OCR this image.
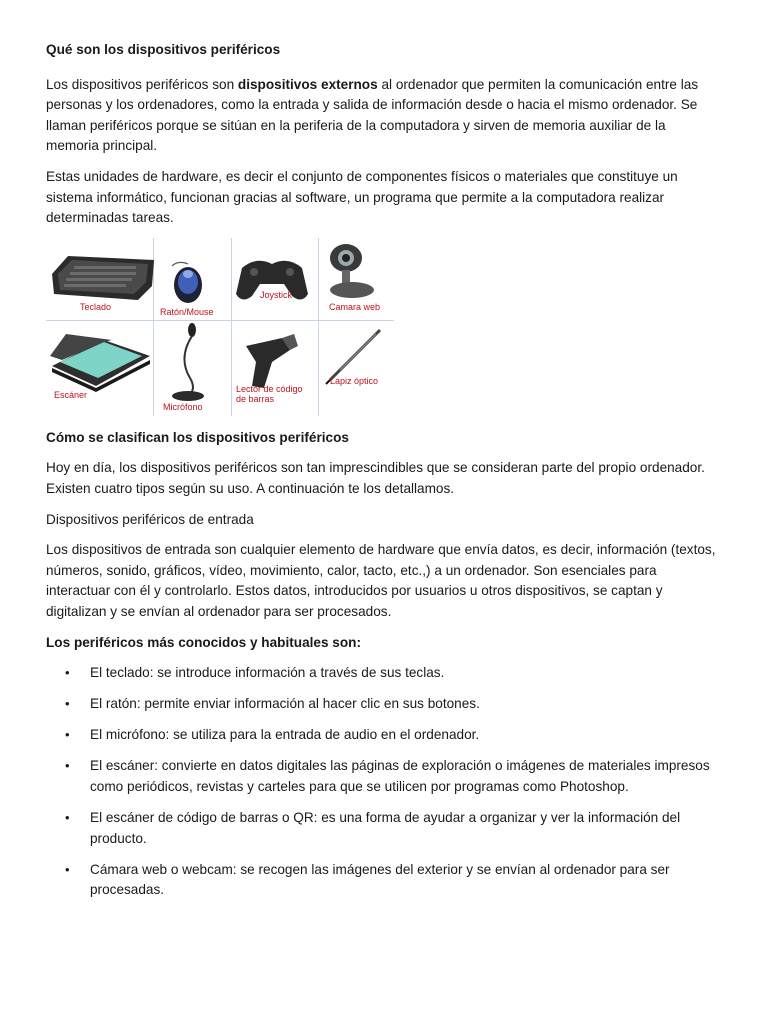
Qué son los dispositivos periféricos

Los dispositivos periféricos son dispositivos externos al ordenador que permiten la comunicación entre las personas y los ordenadores, como la entrada y salida de información desde o hacia el mismo ordenador. Se llaman periféricos porque se sitúan en la periferia de la computadora y sirven de memoria auxiliar de la memoria principal.

Estas unidades de hardware, es decir el conjunto de componentes físicos o materiales que constituye un sistema informático, funcionan gracias al software, un programa que permite a la computadora realizar determinadas tareas.

Teclado	Ratón/Mouse
Joystick
Camara web
Escáner
Micrófono
Lector de código
de barras
Lapiz óptico

Cómo se clasifican los dispositivos periféricos

Hoy en día, los dispositivos periféricos son tan imprescindibles que se consideran parte del propio ordenador. Existen cuatro tipos según su uso. A continuación te los detallamos.

Dispositivos periféricos de entrada

Los dispositivos de entrada son cualquier elemento de hardware que envía datos, es decir, información (textos, números, sonido, gráficos, vídeo, movimiento, calor, tacto, etc.,) a un ordenador. Son esenciales para interactuar con él y controlarlo. Estos datos, introducidos por usuarios u otros dispositivos, se captan y digitalizan y se envían al ordenador para ser procesados.

Los periféricos más conocidos y habituales son:

• El teclado: se introduce información a través de sus teclas.
• El ratón: permite enviar información al hacer clic en sus botones.
• El micrófono: se utiliza para la entrada de audio en el ordenador.
• El escáner: convierte en datos digitales las páginas de exploración o imágenes de materiales impresos como periódicos, revistas y carteles para que se utilicen por programas como Photoshop.
• El escáner de código de barras o QR: es una forma de ayudar a organizar y ver la información del producto.
• Cámara web o webcam: se recogen las imágenes del exterior y se envían al ordenador para ser procesadas.
